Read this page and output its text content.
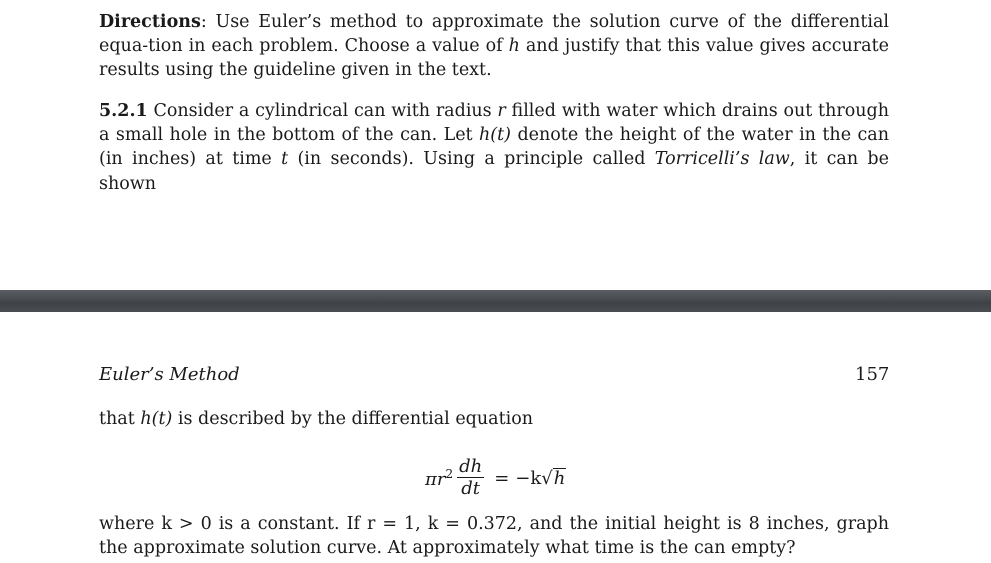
Directions: Use Euler’s method to approximate the solution curve of the differential equa-tion in each problem. Choose a value of h and justify that this value gives accurate results using the guideline given in the text.
5.2.1 Consider a cylindrical can with radius r filled with water which drains out through a small hole in the bottom of the can. Let h(t) denote the height of the water in the can (in inches) at time t (in seconds). Using a principle called Torricelli’s law, it can be shown
Euler’s Method	157
that h(t) is described by the differential equation
$\pi r^2 \frac{dh}{dt} = -k√$ h
where k > 0 is a constant. If r = 1, k = 0.372, and the initial height is 8 inches, graph the approximate solution curve. At approximately what time is the can empty?
